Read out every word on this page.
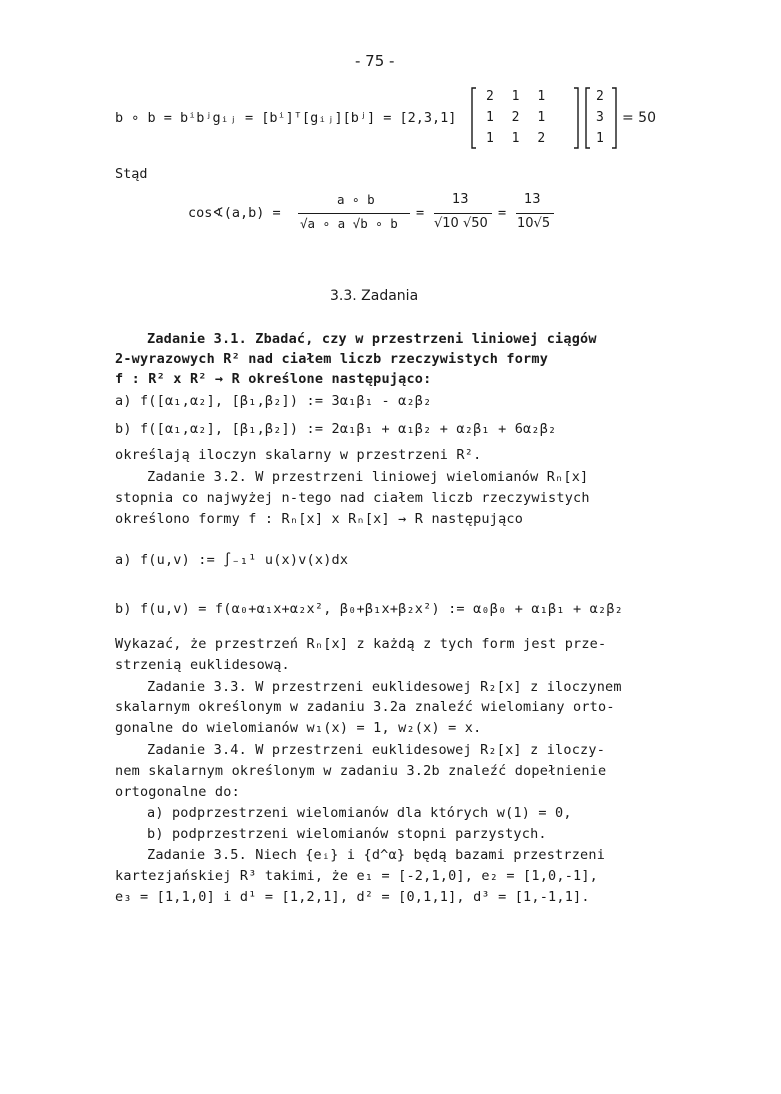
- 75 -
b ∘ b = bⁱbʲgᵢⱼ = [bⁱ]ᵀ[gᵢⱼ][bʲ] = [2,3,1]
2 1 1
1 2 1
1 1 2
2
3
1
= 50
Stąd
cos∢(a,b) =
a ∘ b
√a ∘ a √b ∘ b
=
13
√10 √50
=
13
10√5
3.3. Zadania
Zadanie 3.1. Zbadać, czy w przestrzeni liniowej ciągów
2-wyrazowych R² nad ciałem liczb rzeczywistych formy
f : R² x R² → R określone następująco:
a) f([α₁,α₂], [β₁,β₂]) := 3α₁β₁ - α₂β₂
b) f([α₁,α₂], [β₁,β₂]) := 2α₁β₁ + α₁β₂ + α₂β₁ + 6α₂β₂
określają iloczyn skalarny w przestrzeni R².
Zadanie 3.2. W przestrzeni liniowej wielomianów Rₙ[x]
stopnia co najwyżej n-tego nad ciałem liczb rzeczywistych
określono formy f : Rₙ[x] x Rₙ[x] → R następująco
a) f(u,v) := ∫₋₁¹ u(x)v(x)dx
b) f(u,v) = f(α₀+α₁x+α₂x², β₀+β₁x+β₂x²) := α₀β₀ + α₁β₁ + α₂β₂
Wykazać, że przestrzeń Rₙ[x] z każdą z tych form jest prze-
strzenią euklidesową.
Zadanie 3.3. W przestrzeni euklidesowej R₂[x] z iloczynem
skalarnym określonym w zadaniu 3.2a znaleźć wielomiany orto-
gonalne do wielomianów w₁(x) = 1, w₂(x) = x.
Zadanie 3.4. W przestrzeni euklidesowej R₂[x] z iloczy-
nem skalarnym określonym w zadaniu 3.2b znaleźć dopełnienie
ortogonalne do:
a) podprzestrzeni wielomianów dla których w(1) = 0,
b) podprzestrzeni wielomianów stopni parzystych.
Zadanie 3.5. Niech {eᵢ} i {d^α} będą bazami przestrzeni
kartezjańskiej R³ takimi, że e₁ = [-2,1,0], e₂ = [1,0,-1],
e₃ = [1,1,0] i d¹ = [1,2,1], d² = [0,1,1], d³ = [1,-1,1].
